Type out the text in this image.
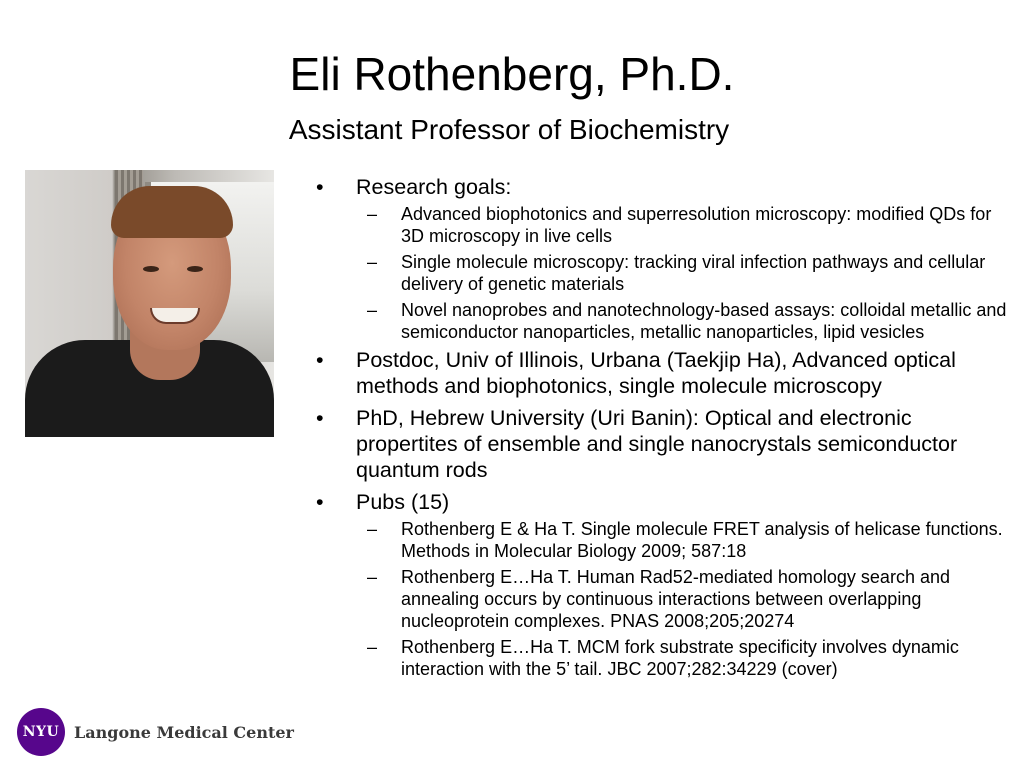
Eli Rothenberg, Ph.D.
Assistant Professor of Biochemistry
•	Research goals:
– Advanced biophotonics and superresolution microscopy: modified QDs for 3D microscopy in live cells
– Single molecule microscopy: tracking viral infection pathways and cellular delivery of genetic materials
– Novel nanoprobes and nanotechnology-based assays: colloidal metallic and semiconductor nanoparticles, metallic nanoparticles, lipid vesicles
•	Postdoc, Univ of Illinois, Urbana (Taekjip Ha), Advanced optical methods and biophotonics, single molecule microscopy
•	PhD, Hebrew University (Uri Banin): Optical and electronic propertites of ensemble and single nanocrystals semiconductor quantum rods
•	Pubs (15)
– Rothenberg E & Ha T. Single molecule FRET analysis of helicase functions. Methods in Molecular Biology 2009; 587:18
– Rothenberg E…Ha T. Human Rad52-mediated homology search and annealing occurs by continuous interactions between overlapping nucleoprotein complexes. PNAS 2008;205;20274
– Rothenberg E…Ha T. MCM fork substrate specificity involves dynamic interaction with the 5’ tail. JBC 2007;282:34229 (cover)
NYU Langone Medical Center
